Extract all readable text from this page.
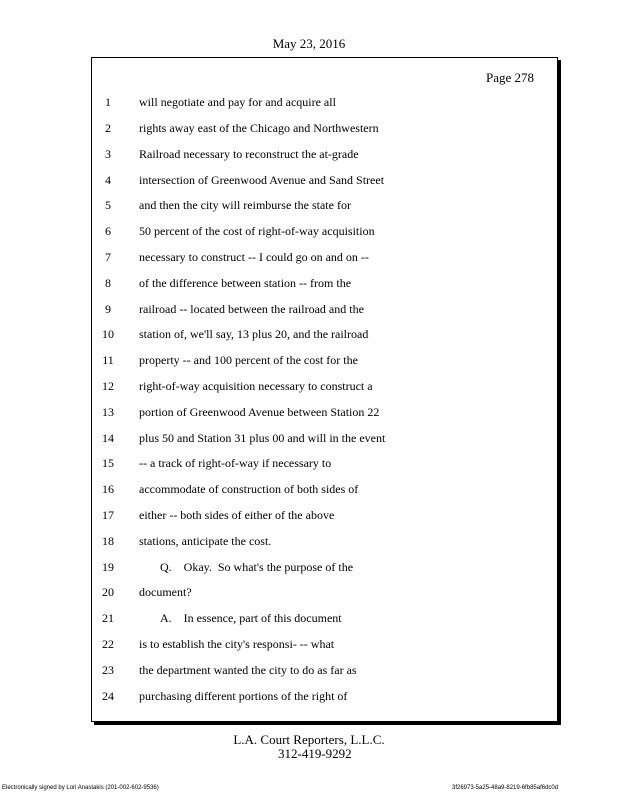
May 23, 2016
Page 278
1	will negotiate and pay for and acquire all
2	rights away east of the Chicago and Northwestern
3	Railroad necessary to reconstruct the at-grade
4	intersection of Greenwood Avenue and Sand Street
5	and then the city will reimburse the state for
6	50 percent of the cost of right-of-way acquisition
7	necessary to construct -- I could go on and on --
8	of the difference between station -- from the
9	railroad -- located between the railroad and the
10	station of, we'll say, 13 plus 20, and the railroad
11	property -- and 100 percent of the cost for the
12	right-of-way acquisition necessary to construct a
13	portion of Greenwood Avenue between Station 22
14	plus 50 and Station 31 plus 00 and will in the event
15	-- a track of right-of-way if necessary to
16	accommodate of construction of both sides of
17	either -- both sides of either of the above
18	stations, anticipate the cost.
19	Q.    Okay.  So what's the purpose of the
20	document?
21	A.    In essence, part of this document
22	is to establish the city's responsi- -- what
23	the department wanted the city to do as far as
24	purchasing different portions of the right of
L.A. Court Reporters, L.L.C.
312-419-9292
Electronically signed by Lori Anastakis (201-002-602-9536)	3f26973-5a25-48a9-8219-6fb85af6dc0d
